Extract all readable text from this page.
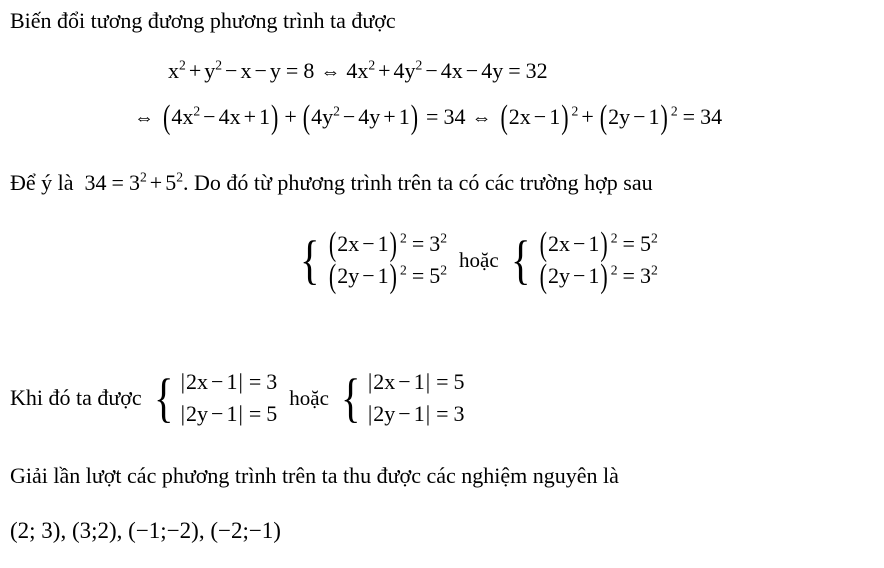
Biến đổi tương đương phương trình ta được
$x^2 + y^2 - x - y = 8$ ⇔ $4x^2 + 4y^2 - 4x - 4y = 32$
⇔ $(4x^2 - 4x + 1) + (4y^2 - 4y + 1) = 34$ ⇔ (2x − 1) $^2$ + (2y − 1) $^2$ = 34
Để ý là  $34 = 3^2 + 5^2$. Do đó từ phương trình trên ta có các trường hợp sau
{ (2x − 1) $^2 = 3^2$
(2y − 1) $^2 = 5^2$ hoặc { (2x − 1) $^2 = 5^2$
(2y − 1) $^2 = 3^2$
Khi đó ta được { |2x − 1| = 3
|2y − 1| = 5
hoặc { |2x − 1| = 5
|2y − 1| = 3
Giải lần lượt các phương trình trên ta thu được các nghiệm nguyên là
(2; 3), (3;2), (−1;−2), (−2;−1)
